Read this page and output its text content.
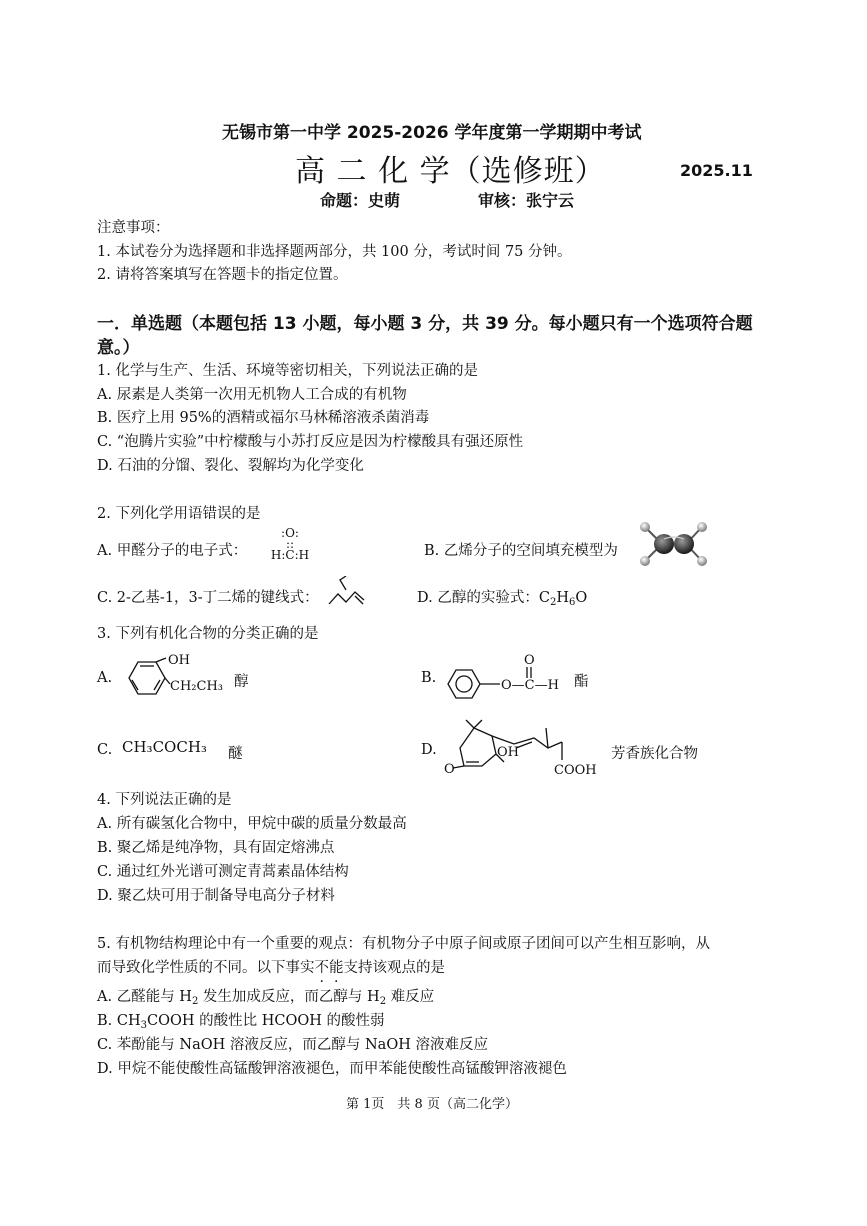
无锡市第一中学 2025-2026 学年度第一学期期中考试
高 二 化 学（选修班）	2025.11
命题：史萌	审核：张宁云
注意事项：
1. 本试卷分为选择题和非选择题两部分，共 100 分，考试时间 75 分钟。
2. 请将答案填写在答题卡的指定位置。
一．单选题（本题包括 13 小题，每小题 3 分，共 39 分。每小题只有一个选项符合题
意。）
1. 化学与生产、生活、环境等密切相关，下列说法正确的是
A. 尿素是人类第一次用无机物人工合成的有机物
B. 医疗上用 95%的酒精或福尔马林稀溶液杀菌消毒
C. “泡腾片实验”中柠檬酸与小苏打反应是因为柠檬酸具有强还原性
D. 石油的分馏、裂化、裂解均为化学变化
2. 下列化学用语错误的是
A. 甲醛分子的电子式：
:O:
::
H:C:H	B. 乙烯分子的空间填充模型为
C. 2-乙基-1，3-丁二烯的键线式：	D. 乙醇的实验式：$C_2H_6O$
3. 下列有机化合物的分类正确的是
A.
OH
CH₂CH₃ 醇	B.	O—C—H
O
酯
C. CH₃COCH₃ 醚	D.
O
OH
COOH
芳香族化合物
4. 下列说法正确的是
A. 所有碳氢化合物中，甲烷中碳的质量分数最高
B. 聚乙烯是纯净物，具有固定熔沸点
C. 通过红外光谱可测定青蒿素晶体结构
D. 聚乙炔可用于制备导电高分子材料
5. 有机物结构理论中有一个重要的观点：有机物分子中原子间或原子团间可以产生相互影响，从
而导致化学性质的不同。以下事实不能支持该观点的是
A. 乙醛能与 $H_2$ 发生加成反应，而乙醇与 $H_2$ 难反应
B. $CH_3COOH$ 的酸性比 HCOOH 的酸性弱
C. 苯酚能与 NaOH 溶液反应，而乙醇与 NaOH 溶液难反应
D. 甲烷不能使酸性高锰酸钾溶液褪色，而甲苯能使酸性高锰酸钾溶液褪色
第 1页　共 8 页（高二化学）
